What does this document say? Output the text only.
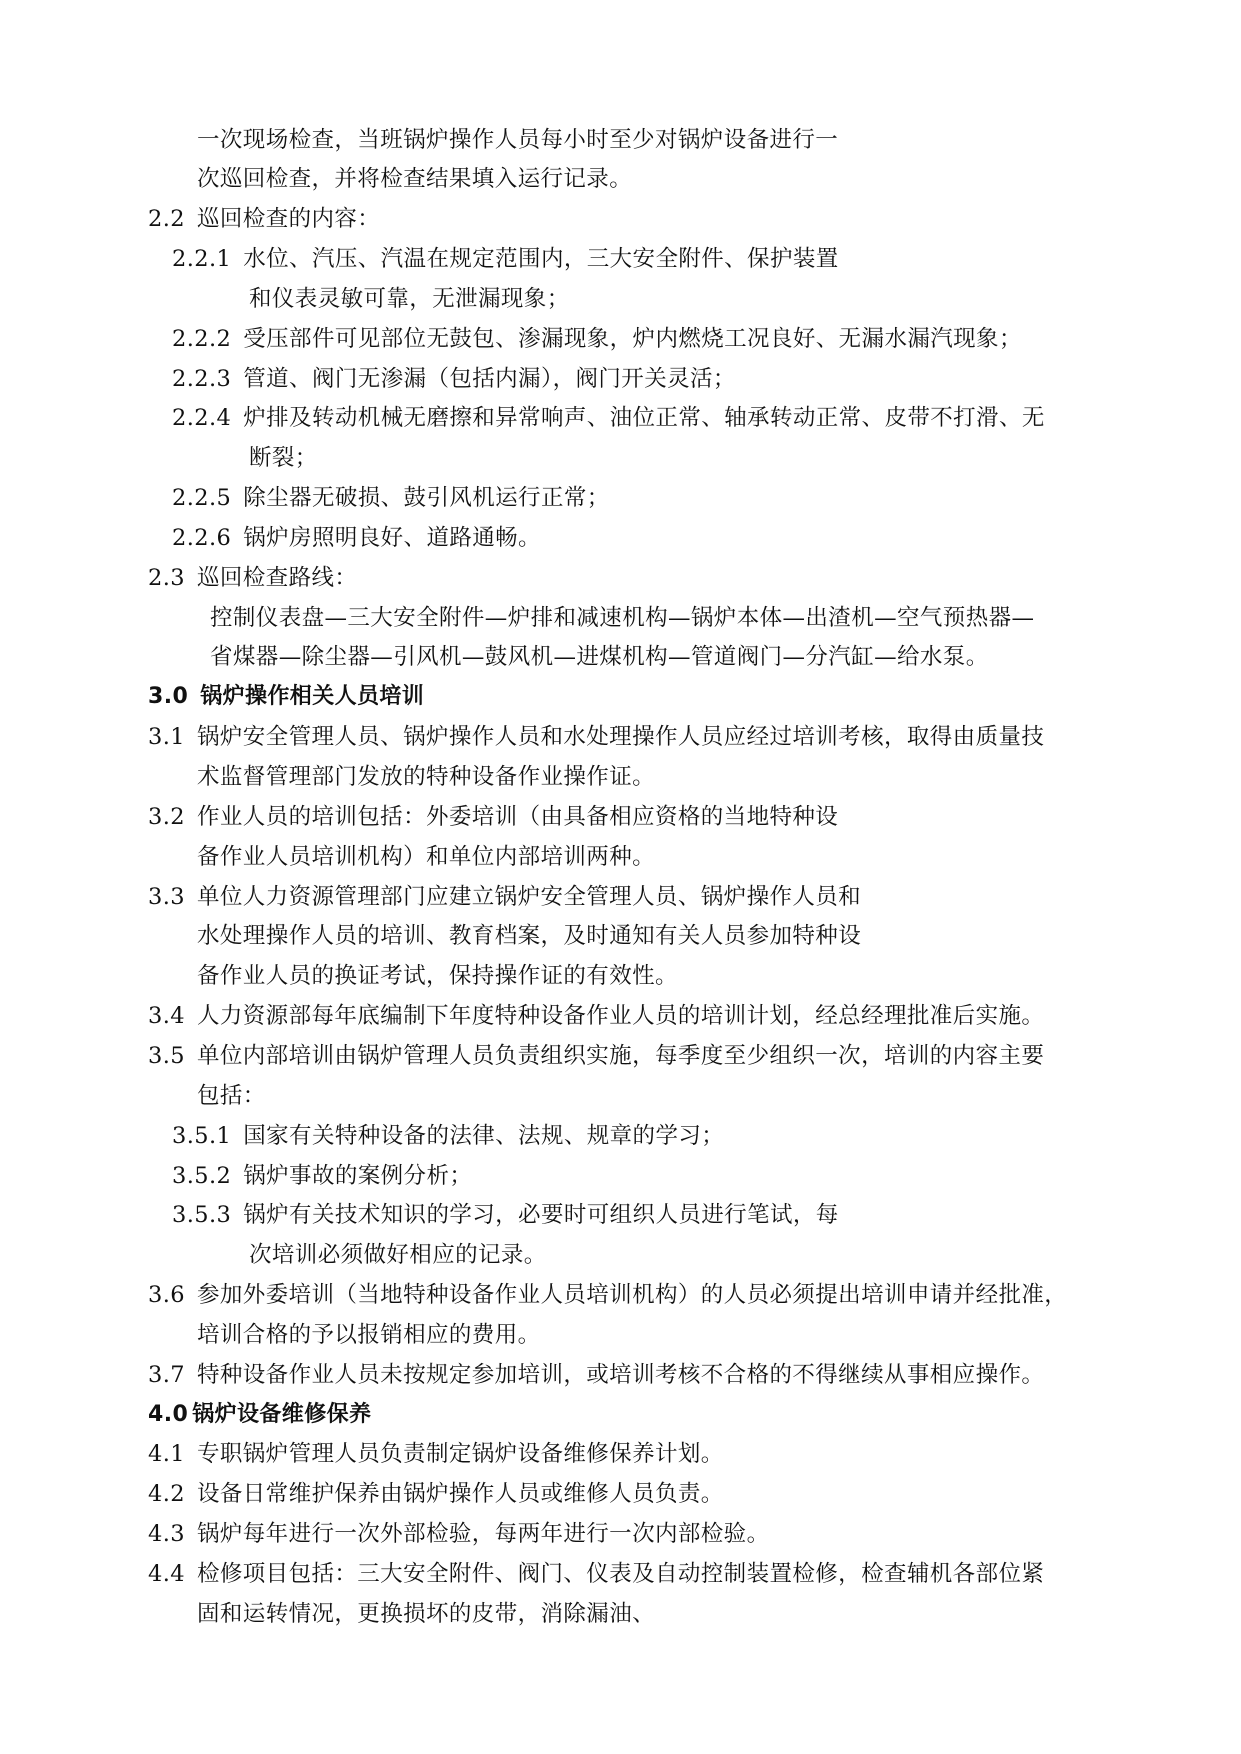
一次现场检查，当班锅炉操作人员每小时至少对锅炉设备进行一
次巡回检查，并将检查结果填入运行记录。
2.2 巡回检查的内容：
2.2.1 水位、汽压、汽温在规定范围内，三大安全附件、保护装置
和仪表灵敏可靠，无泄漏现象；
2.2.2 受压部件可见部位无鼓包、渗漏现象，炉内燃烧工况良好、无漏水漏汽现象；
2.2.3 管道、阀门无渗漏（包括内漏），阀门开关灵活；
2.2.4 炉排及转动机械无磨擦和异常响声、油位正常、轴承转动正常、皮带不打滑、无
断裂；
2.2.5 除尘器无破损、鼓引风机运行正常；
2.2.6 锅炉房照明良好、道路通畅。
2.3 巡回检查路线：
控制仪表盘—三大安全附件—炉排和减速机构—锅炉本体—出渣机—空气预热器—
省煤器—除尘器—引风机—鼓风机—进煤机构—管道阀门—分汽缸—给水泵。
3.0 锅炉操作相关人员培训
3.1 锅炉安全管理人员、锅炉操作人员和水处理操作人员应经过培训考核，取得由质量技
术监督管理部门发放的特种设备作业操作证。
3.2 作业人员的培训包括：外委培训（由具备相应资格的当地特种设
备作业人员培训机构）和单位内部培训两种。
3.3 单位人力资源管理部门应建立锅炉安全管理人员、锅炉操作人员和
水处理操作人员的培训、教育档案，及时通知有关人员参加特种设
备作业人员的换证考试，保持操作证的有效性。
3.4 人力资源部每年底编制下年度特种设备作业人员的培训计划，经总经理批准后实施。
3.5 单位内部培训由锅炉管理人员负责组织实施，每季度至少组织一次，培训的内容主要
包括：
3.5.1 国家有关特种设备的法律、法规、规章的学习；
3.5.2 锅炉事故的案例分析；
3.5.3 锅炉有关技术知识的学习，必要时可组织人员进行笔试，每
次培训必须做好相应的记录。
3.6 参加外委培训（当地特种设备作业人员培训机构）的人员必须提出培训申请并经批准，
培训合格的予以报销相应的费用。
3.7 特种设备作业人员未按规定参加培训，或培训考核不合格的不得继续从事相应操作。
4.0 锅炉设备维修保养
4.1 专职锅炉管理人员负责制定锅炉设备维修保养计划。
4.2 设备日常维护保养由锅炉操作人员或维修人员负责。
4.3 锅炉每年进行一次外部检验，每两年进行一次内部检验。
4.4 检修项目包括：三大安全附件、阀门、仪表及自动控制装置检修，检查辅机各部位紧
固和运转情况，更换损坏的皮带，消除漏油、
